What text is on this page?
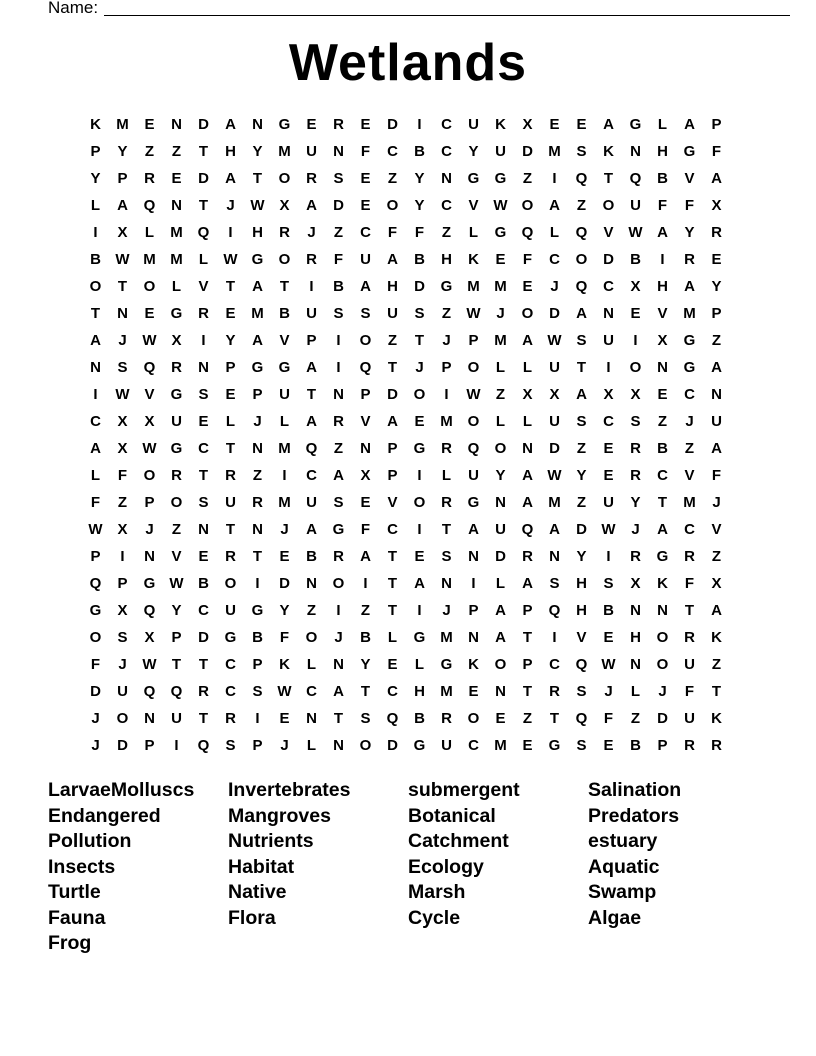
Name:
Wetlands
K	M	E	N	D	A	N	G	E	R	E	D	I	C	U	K	X	E	E	A	G	L	A	P
P	Y	Z	Z	T	H	Y	M	U	N	F	C	B	C	Y	U	D	M	S	K	N	H	G	F
Y	P	R	E	D	A	T	O	R	S	E	Z	Y	N	G	G	Z	I	Q	T	Q	B	V	A
L	A	Q	N	T	J	W X	A	D	E	O	Y	C	V W O	A	Z	O	U	F	F	X
I	X	L	M Q	I	H	R	J	Z	C	F	F	Z	L	G	Q	L	Q	V W A	Y	R
B W M M	L	W G	O	R	F	U	A	B	H	K	E	F	C	O	D	B	I	R	E
O	T	O	L	V	T	A	T	I	B	A	H	D	G M M	E	J	Q	C	X	H	A	Y
T	N	E	G	R	E	M	B	U	S	S	U	S	Z	W	J	O	D	A	N	E	V	M	P
A	J	W X	I	Y	A	V	P	I	O	Z	T	J	P	M	A W S	U	I	X	G	Z
N	S	Q	R	N	P	G	G	A	I	Q	T	J	P	O	L	L	U	T	I	O	N	G	A
I	W V	G	S	E	P	U	T	N	P	D	O	I	W	Z	X	X	A	X	X	E	C	N
C	X	X	U	E	L	J	L	A	R	V	A	E	M O	L	L	U	S	C	S	Z	J	U
A	X W G	C	T	N	M Q	Z	N	P	G	R	Q	O	N	D	Z	E	R	B	Z	A
L	F	O	R	T	R	Z	I	C	A	X	P	I	L	U	Y	A W Y	E	R	C	V	F
F	Z	P	O	S	U	R	M	U	S	E	V	O	R	G	N	A	M	Z	U	Y	T	M	J
W X	J	Z	N	T	N	J	A	G	F	C	I	T	A	U	Q	A	D W	J	A	C	V
P	I	N	V	E	R	T	E	B	R	A	T	E	S	N	D	R	N	Y	I	R	G	R	Z
Q	P	G W B	O	I	D	N	O	I	T	A	N	I	L	A	S	H	S	X	K	F	X
G	X	Q	Y	C	U	G	Y	Z	I	Z	T	I	J	P	A	P	Q	H	B	N	N	T	A
O	S	X	P	D	G	B	F	O	J	B	L	G M	N	A	T	I	V	E	H	O	R	K
F	J	W	T	T	C	P	K	L	N	Y	E	L	G	K	O	P	C	Q W N	O	U	Z
D	U	Q	Q	R	C	S W C	A	T	C	H	M	E	N	T	R	S	J	L	J	F	T
J	O	N	U	T	R	I	E	N	T	S	Q	B	R	O	E	Z	T	Q	F	Z	D	U	K
J	D	P	I	Q	S	P	J	L	N	O	D	G	U	C	M	E	G	S	E	B	P	R	R
LarvaeMolluscs	Invertebrates	submergent	Salination
Endangered	Mangroves	Botanical	Predators
Pollution	Nutrients	Catchment	estuary
Insects	Habitat	Ecology	Aquatic
Turtle	Native	Marsh	Swamp
Fauna	Flora	Cycle	Algae
Frog
